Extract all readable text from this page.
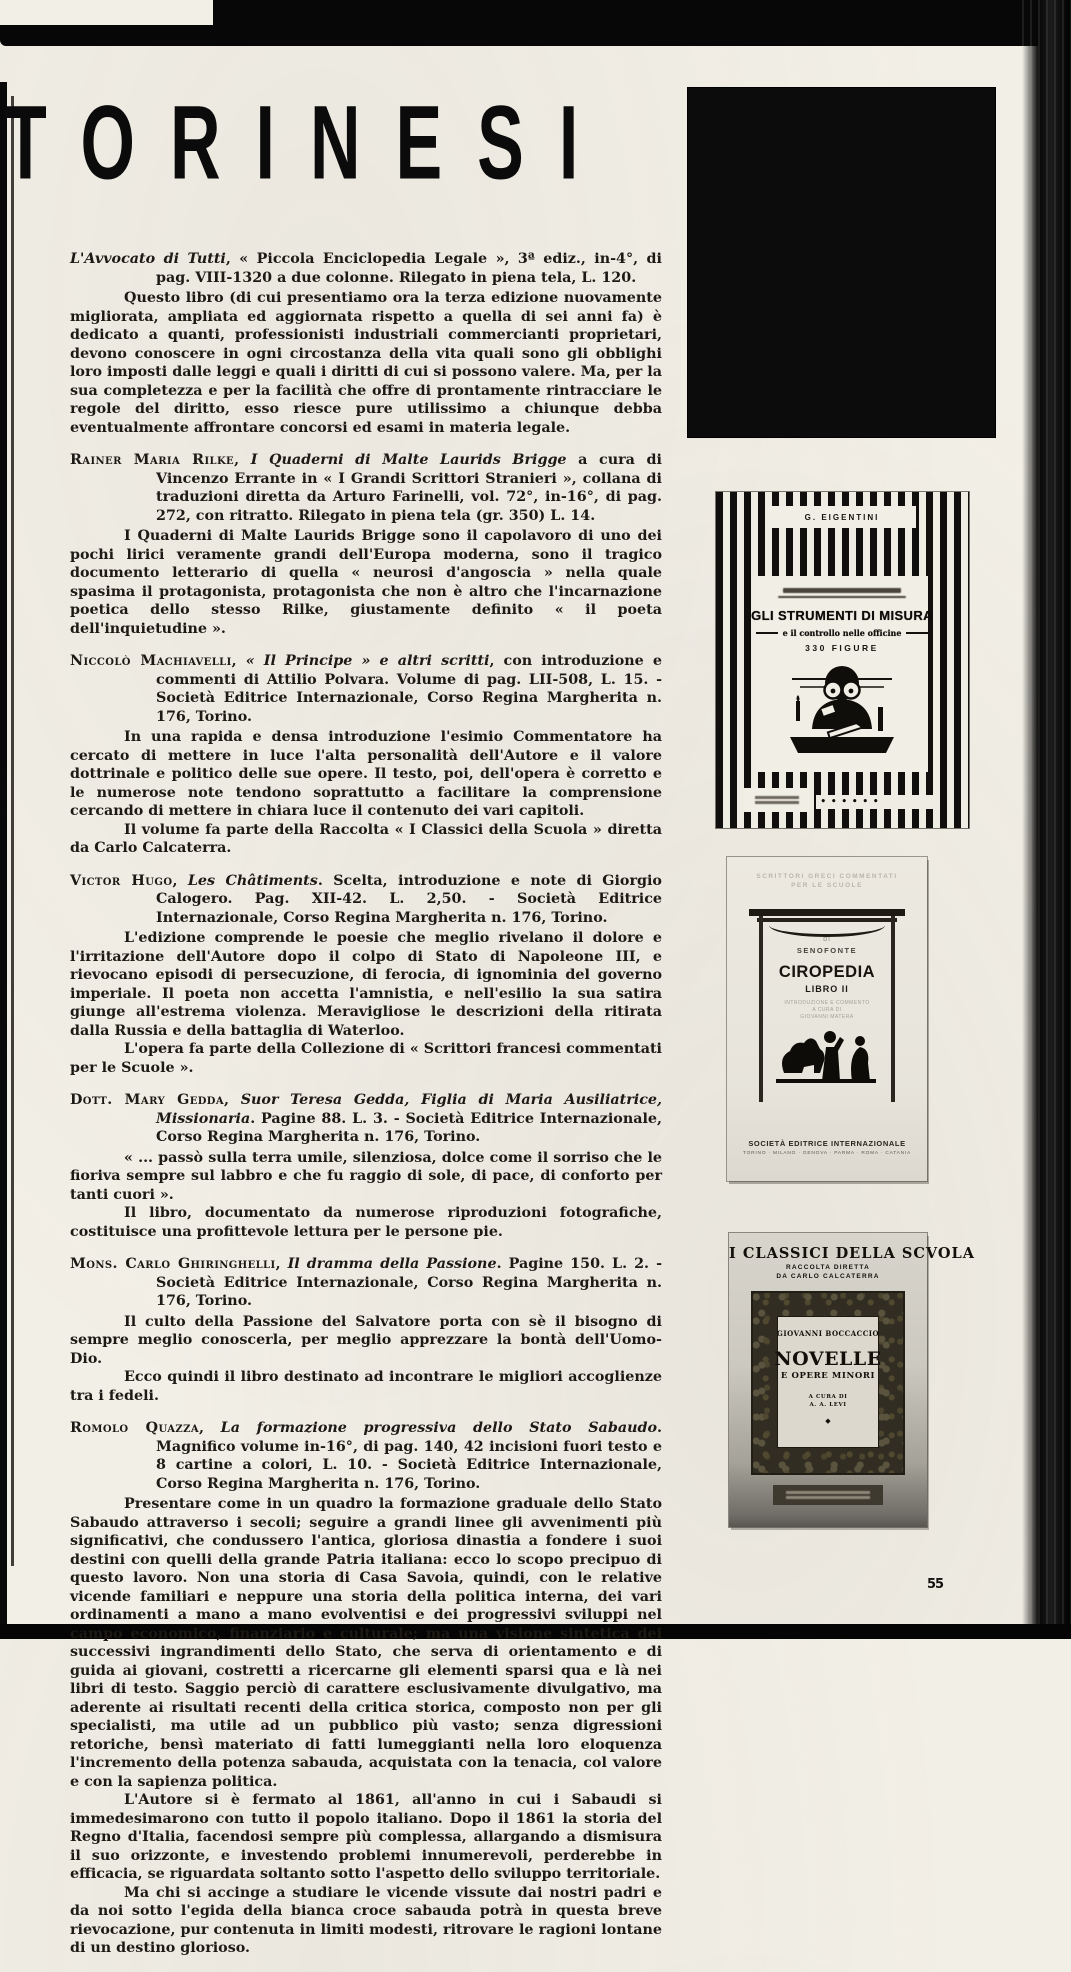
TORINESI

L'Avvocato di Tutti, « Piccola Enciclopedia Legale », 3ª ediz., in-4°, di pag. VIII-1320 a due colonne. Rilegato in piena tela, L. 120.

Questo libro (di cui presentiamo ora la terza edizione nuovamente migliorata, ampliata ed aggiornata rispetto a quella di sei anni fa) è dedicato a quanti, professionisti industriali commercianti proprietari, devono conoscere in ogni circostanza della vita quali sono gli obblighi loro imposti dalle leggi e quali i diritti di cui si possono valere. Ma, per la sua completezza e per la facilità che offre di prontamente rintracciare le regole del diritto, esso riesce pure utilissimo a chiunque debba eventualmente affrontare concorsi ed esami in materia legale.

Rainer Maria Rilke, I Quaderni di Malte Laurids Brigge a cura di Vincenzo Errante in « I Grandi Scrittori Stranieri », collana di traduzioni diretta da Arturo Farinelli, vol. 72°, in-16°, di pag. 272, con ritratto. Rilegato in piena tela (gr. 350) L. 14.

I Quaderni di Malte Laurids Brigge sono il capolavoro di uno dei pochi lirici veramente grandi dell'Europa moderna, sono il tragico documento letterario di quella « neurosi d'angoscia » nella quale spasima il protagonista, protagonista che non è altro che l'incarnazione poetica dello stesso Rilke, giustamente definito « il poeta dell'inquietudine ».

Niccolò Machiavelli, « Il Principe » e altri scritti, con introduzione e commenti di Attilio Polvara. Volume di pag. LII-508, L. 15. - Società Editrice Internazionale, Corso Regina Margherita n. 176, Torino.

In una rapida e densa introduzione l'esimio Commentatore ha cercato di mettere in luce l'alta personalità dell'Autore e il valore dottrinale e politico delle sue opere. Il testo, poi, dell'opera è corretto e le numerose note tendono soprattutto a facilitare la comprensione cercando di mettere in chiara luce il contenuto dei vari capitoli.

Il volume fa parte della Raccolta « I Classici della Scuola » diretta da Carlo Calcaterra.

Victor Hugo, Les Châtiments. Scelta, introduzione e note di Giorgio Calogero. Pag. XII-42. L. 2,50. - Società Editrice Internazionale, Corso Regina Margherita n. 176, Torino.

L'edizione comprende le poesie che meglio rivelano il dolore e l'irritazione dell'Autore dopo il colpo di Stato di Napoleone III, e rievocano episodi di persecuzione, di ferocia, di ignominia del governo imperiale. Il poeta non accetta l'amnistia, e nell'esilio la sua satira giunge all'estrema violenza. Meravigliose le descrizioni della ritirata dalla Russia e della battaglia di Waterloo.

L'opera fa parte della Collezione di « Scrittori francesi commentati per le Scuole ».

Dott. Mary Gedda, Suor Teresa Gedda, Figlia di Maria Ausiliatrice, Missionaria. Pagine 88. L. 3. - Società Editrice Internazionale, Corso Regina Margherita n. 176, Torino.

« ... passò sulla terra umile, silenziosa, dolce come il sorriso che le fioriva sempre sul labbro e che fu raggio di sole, di pace, di conforto per tanti cuori ».

Il libro, documentato da numerose riproduzioni fotografiche, costituisce una profittevole lettura per le persone pie.

Mons. Carlo Ghiringhelli, Il dramma della Passione. Pagine 150. L. 2. - Società Editrice Internazionale, Corso Regina Margherita n. 176, Torino.

Il culto della Passione del Salvatore porta con sè il bisogno di sempre meglio conoscerla, per meglio apprezzare la bontà dell'Uomo-Dio.

Ecco quindi il libro destinato ad incontrare le migliori accoglienze tra i fedeli.

Romolo Quazza, La formazione progressiva dello Stato Sabaudo. Magnifico volume in-16°, di pag. 140, 42 incisioni fuori testo e 8 cartine a colori, L. 10. - Società Editrice Internazionale, Corso Regina Margherita n. 176, Torino.

Presentare come in un quadro la formazione graduale dello Stato Sabaudo attraverso i secoli; seguire a grandi linee gli avvenimenti più significativi, che condussero l'antica, gloriosa dinastia a fondere i suoi destini con quelli della grande Patria italiana: ecco lo scopo precipuo di questo lavoro. Non una storia di Casa Savoia, quindi, con le relative vicende familiari e neppure una storia della politica interna, dei vari ordinamenti a mano a mano evolventisi e dei progressivi sviluppi nel campo economico, finanziario e culturale; ma una visione sintetica dei successivi ingrandimenti dello Stato, che serva di orientamento e di guida ai giovani, costretti a ricercarne gli elementi sparsi qua e là nei libri di testo. Saggio perciò di carattere esclusivamente divulgativo, ma aderente ai risultati recenti della critica storica, composto non per gli specialisti, ma utile ad un pubblico più vasto; senza digressioni retoriche, bensì materiato di fatti lumeggianti nella loro eloquenza l'incremento della potenza sabauda, acquistata con la tenacia, col valore e con la sapienza politica.

L'Autore si è fermato al 1861, all'anno in cui i Sabaudi si immedesimarono con tutto il popolo italiano. Dopo il 1861 la storia del Regno d'Italia, facendosi sempre più complessa, allargando a dismisura il suo orizzonte, e investendo problemi innumerevoli, perderebbe in efficacia, se riguardata soltanto sotto l'aspetto dello sviluppo territoriale.

Ma chi si accinge a studiare le vicende vissute dai nostri padri e da noi sotto l'egida della bianca croce sabauda potrà in questa breve rievocazione, pur contenuta in limiti modesti, ritrovare le ragioni lontane di un destino glorioso.

G. EIGENTINI
GLI STRUMENTI DI MISURA
e il controllo nelle officine
330 FIGURE
••••••
SCRITTORI GRECI COMMENTATI
PER LE SCUOLE
DI
SENOFONTE
CIROPEDIA
LIBRO II
INTRODUZIONE E COMMENTO
A CURA DI
GIOVANNI MATERA
SOCIETÀ EDITRICE INTERNAZIONALE
TORINO · MILANO · GENOVA · PARMA · ROMA · CATANIA
I CLASSICI DELLA SCVOLA
RACCOLTA DIRETTA
DA CARLO CALCATERRA
GIOVANNI BOCCACCIO
NOVELLE
E OPERE MINORI
A CURA DI
A. A. LEVI
◆
55
